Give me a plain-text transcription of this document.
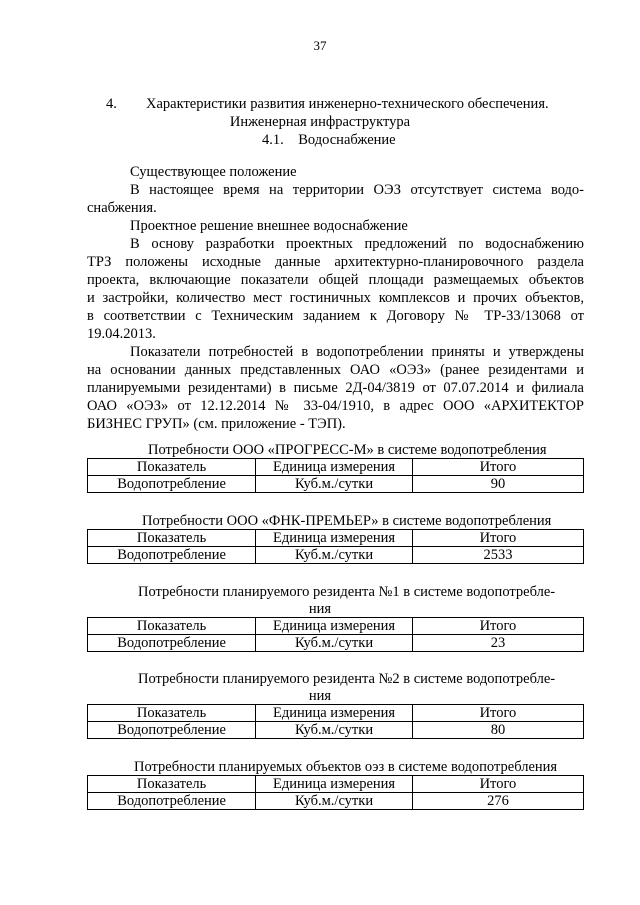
37
4. Характеристики развития инженерно-технического обеспечения.
Инженерная инфраструктура
4.1. Водоснабжение
Существующее положение
В настоящее время на территории ОЭЗ отсутствует система водо-
снабжения.
Проектное решение внешнее водоснабжение
В основу разработки проектных предложений по водоснабжению
ТРЗ положены исходные данные архитектурно-планировочного раздела
проекта, включающие показатели общей площади размещаемых объектов
и застройки, количество мест гостиничных комплексов и прочих объектов,
в соответствии с Техническим заданием к Договору № ТР-33/13068 от
19.04.2013.
Показатели потребностей в водопотреблении приняты и утверждены
на основании данных представленных ОАО «ОЭЗ» (ранее резидентами и
планируемыми резидентами) в письме 2Д-04/3819 от 07.07.2014 и филиала
ОАО «ОЭЗ» от 12.12.2014 № 33-04/1910, в адрес ООО «АРХИТЕКТОР
БИЗНЕС ГРУП» (см. приложение - ТЭП).
Потребности ООО «ПРОГРЕСС-М» в системе водопотребления
Показатель	Единица измерения	Итого
Водопотребление	Куб.м./сутки	90
Потребности ООО «ФНК-ПРЕМЬЕР» в системе водопотребления
Показатель	Единица измерения	Итого
Водопотребление	Куб.м./сутки	2533
Потребности планируемого резидента №1 в системе водопотребле-
ния
Показатель	Единица измерения	Итого
Водопотребление	Куб.м./сутки	23
Потребности планируемого резидента №2 в системе водопотребле-
ния
Показатель	Единица измерения	Итого
Водопотребление	Куб.м./сутки	80
Потребности планируемых объектов оэз в системе водопотребления
Показатель	Единица измерения	Итого
Водопотребление	Куб.м./сутки	276
